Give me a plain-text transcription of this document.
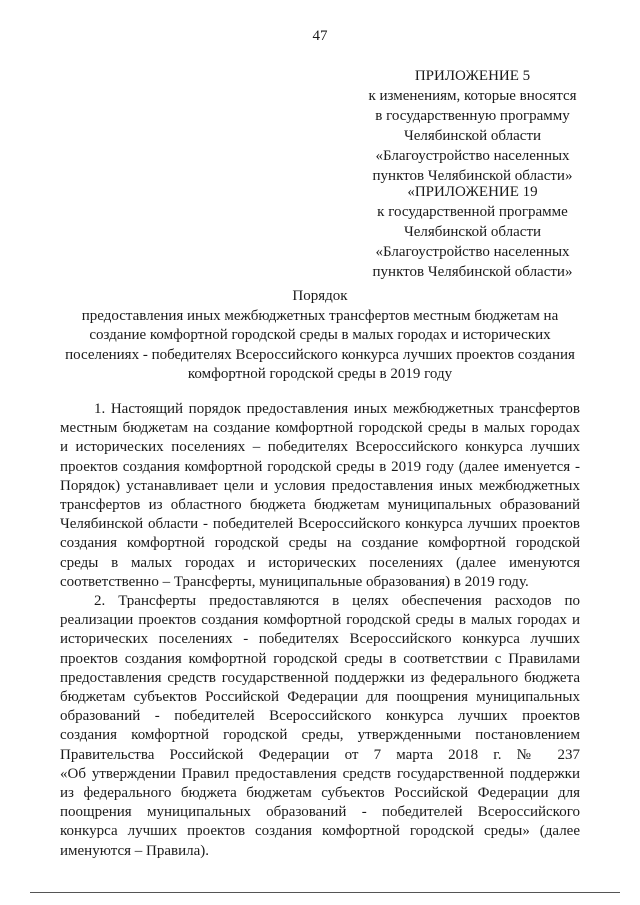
47
ПРИЛОЖЕНИЕ 5
к изменениям, которые вносятся
в государственную программу
Челябинской области
«Благоустройство населенных
пунктов Челябинской области»
«ПРИЛОЖЕНИЕ 19
к государственной программе
Челябинской области
«Благоустройство населенных
пунктов Челябинской области»
Порядок
предоставления иных межбюджетных трансфертов местным бюджетам на
создание комфортной городской среды в малых городах и исторических
поселениях - победителях Всероссийского конкурса лучших проектов создания
комфортной городской среды в 2019 году

1. Настоящий порядок предоставления иных межбюджетных трансфертов
местным бюджетам на создание комфортной городской среды в малых городах
и исторических поселениях – победителях Всероссийского конкурса лучших
проектов создания комфортной городской среды в 2019 году (далее именуется -
Порядок) устанавливает цели и условия предоставления иных межбюджетных
трансфертов из областного бюджета бюджетам муниципальных образований
Челябинской области - победителей Всероссийского конкурса лучших проектов
создания комфортной городской среды на создание комфортной городской
среды в малых городах и исторических поселениях (далее именуются
соответственно – Трансферты, муниципальные образования) в 2019 году.

2. Трансферты предоставляются в целях обеспечения расходов по
реализации проектов создания комфортной городской среды в малых городах и
исторических поселениях - победителях Всероссийского конкурса лучших
проектов создания комфортной городской среды в соответствии с Правилами
предоставления средств государственной поддержки из федерального бюджета
бюджетам субъектов Российской Федерации для поощрения муниципальных
образований - победителей Всероссийского конкурса лучших проектов
создания комфортной городской среды, утвержденными постановлением
Правительства Российской Федерации от 7 марта 2018 г. № 237
«Об утверждении Правил предоставления средств государственной поддержки
из федерального бюджета бюджетам субъектов Российской Федерации для
поощрения муниципальных образований - победителей Всероссийского
конкурса лучших проектов создания комфортной городской среды» (далее
именуются – Правила).
